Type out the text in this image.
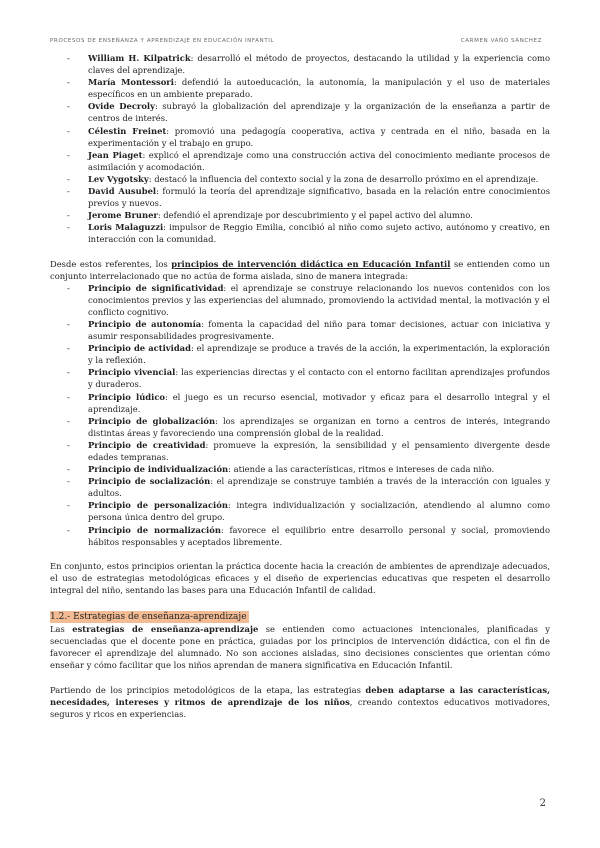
PROCESOS DE ENSEÑANZA Y APRENDIZAJE EN EDUCACIÓN INFANTIL	CARMEN VAÑÓ SÁNCHEZ
- William H. Kilpatrick: desarrolló el método de proyectos, destacando la utilidad y la experiencia como claves del aprendizaje.
- María Montessori: defendió la autoeducación, la autonomía, la manipulación y el uso de materiales específicos en un ambiente preparado.
- Ovide Decroly: subrayó la globalización del aprendizaje y la organización de la enseñanza a partir de centros de interés.
- Célestin Freinet: promovió una pedagogía cooperativa, activa y centrada en el niño, basada en la experimentación y el trabajo en grupo.
- Jean Piaget: explicó el aprendizaje como una construcción activa del conocimiento mediante procesos de asimilación y acomodación.
- Lev Vygotsky: destacó la influencia del contexto social y la zona de desarrollo próximo en el aprendizaje.
- David Ausubel: formuló la teoría del aprendizaje significativo, basada en la relación entre conocimientos previos y nuevos.
- Jerome Bruner: defendió el aprendizaje por descubrimiento y el papel activo del alumno.
- Loris Malaguzzi: impulsor de Reggio Emilia, concibió al niño como sujeto activo, autónomo y creativo, en interacción con la comunidad.

Desde estos referentes, los principios de intervención didáctica en Educación Infantil se entienden como un conjunto interrelacionado que no actúa de forma aislada, sino de manera integrada:

- Principio de significatividad: el aprendizaje se construye relacionando los nuevos contenidos con los conocimientos previos y las experiencias del alumnado, promoviendo la actividad mental, la motivación y el conflicto cognitivo.
- Principio de autonomía: fomenta la capacidad del niño para tomar decisiones, actuar con iniciativa y asumir responsabilidades progresivamente.
- Principio de actividad: el aprendizaje se produce a través de la acción, la experimentación, la exploración y la reflexión.
- Principio vivencial: las experiencias directas y el contacto con el entorno facilitan aprendizajes profundos y duraderos.
- Principio lúdico: el juego es un recurso esencial, motivador y eficaz para el desarrollo integral y el aprendizaje.
- Principio de globalización: los aprendizajes se organizan en torno a centros de interés, integrando distintas áreas y favoreciendo una comprensión global de la realidad.
- Principio de creatividad: promueve la expresión, la sensibilidad y el pensamiento divergente desde edades tempranas.
- Principio de individualización: atiende a las características, ritmos e intereses de cada niño.
- Principio de socialización: el aprendizaje se construye también a través de la interacción con iguales y adultos.
- Principio de personalización: integra individualización y socialización, atendiendo al alumno como persona única dentro del grupo.
- Principio de normalización: favorece el equilibrio entre desarrollo personal y social, promoviendo hábitos responsables y aceptados libremente.

En conjunto, estos principios orientan la práctica docente hacia la creación de ambientes de aprendizaje adecuados, el uso de estrategias metodológicas eficaces y el diseño de experiencias educativas que respeten el desarrollo integral del niño, sentando las bases para una Educación Infantil de calidad.

1.2.- Estrategias de enseñanza-aprendizaje

Las estrategias de enseñanza-aprendizaje se entienden como actuaciones intencionales, planificadas y secuenciadas que el docente pone en práctica, guiadas por los principios de intervención didáctica, con el fin de favorecer el aprendizaje del alumnado. No son acciones aisladas, sino decisiones conscientes que orientan cómo enseñar y cómo facilitar que los niños aprendan de manera significativa en Educación Infantil.

Partiendo de los principios metodológicos de la etapa, las estrategias deben adaptarse a las características, necesidades, intereses y ritmos de aprendizaje de los niños, creando contextos educativos motivadores, seguros y ricos en experiencias.

2
